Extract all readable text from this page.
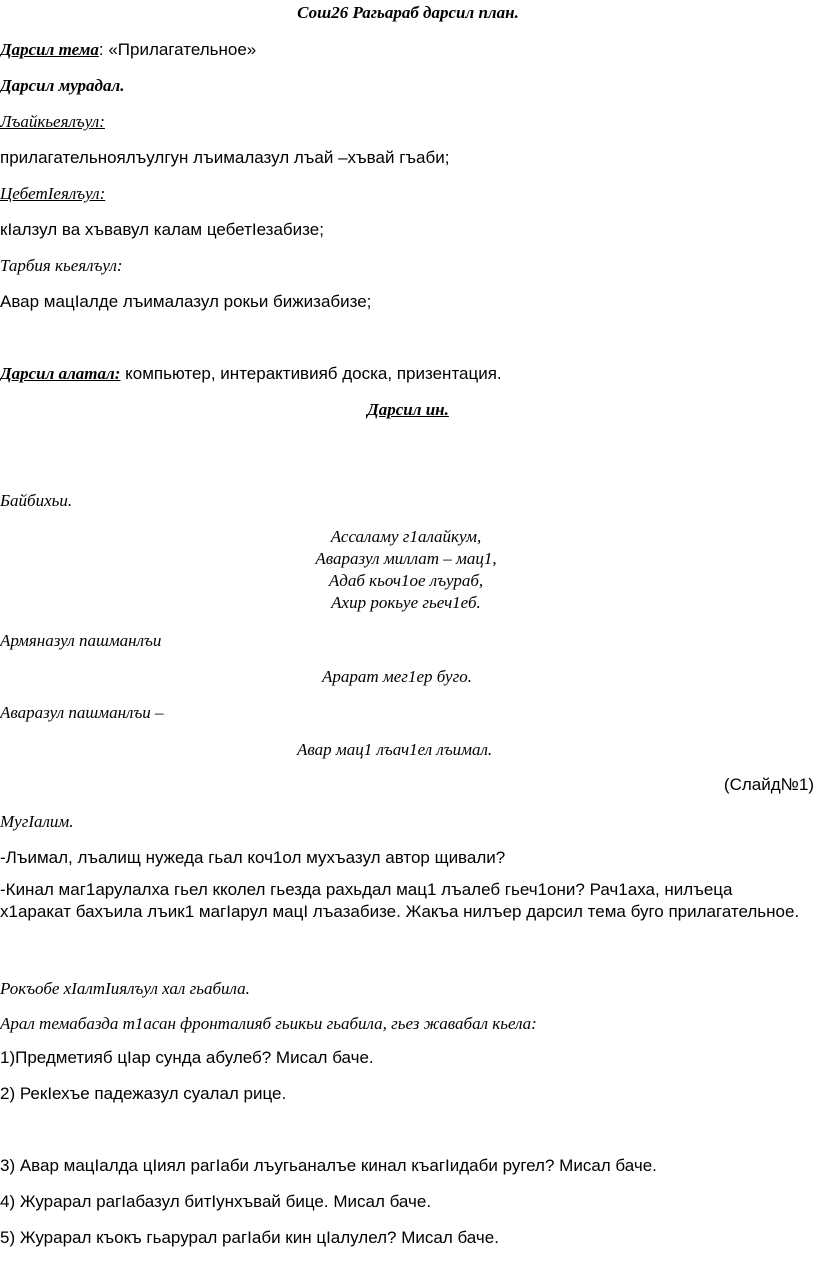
Сош26 Рагьараб дарсил план.
Дарсил тема: «Прилагательное»
Дарсил мурадал.
Лъайкьеялъул:
прилагательнoялъулгун лъималазул лъай –хъвай гъаби;
ЦебетIеялъул:
кIалзул ва хъвавул калам цебетIезабизе;
Тарбия кьеялъул:
Авар мацIалде лъималазул рокьи бижизабизе;
Дарсил алатал: компьютер, интерактивияб доска, призентация.
Дарсил ин.
Байбихьи.
Ассаламу г1алайкум,
Аваразул миллат – мац1,
Адаб кьоч1ое лъураб,
Ахир рокьуе гьеч1еб.
Армяназул пашманлъи
Арарат мег1ер буго.
Аваразул пашманлъи –
Авар мац1 лъач1ел лъимал.
(Слайд№1)
МугIалим.
-Лъимал, лъалищ нужеда гьал коч1ол мухъазул автор щивали?
-Кинал маг1арулалха гьел кколел гьезда рахьдал мац1 лъалеб гьеч1они? Рач1аха, нилъеца
х1аракат бахъила лъик1 магIарул мацI лъазабизе. Жакъа нилъер дарсил тема буго прилагательное.
Рокъобе хIалтIиялъул хал гьабила.
Арал темабазда т1асан фронталияб гьикьи гьабила, гьез жавабал кьела:
1)Предметияб цIар сунда абулеб? Мисал баче.
2) РекIехъе падежазул суалал рице.
3) Авар мацIалда цIиял рагIаби лъугьаналъе кинал къагIидаби ругел? Мисал баче.
4) Журарал рагIабазул битIунхъвай бице. Мисал баче.
5) Журарал къокъ гьарурал рагIаби кин цIалулел? Мисал баче.
